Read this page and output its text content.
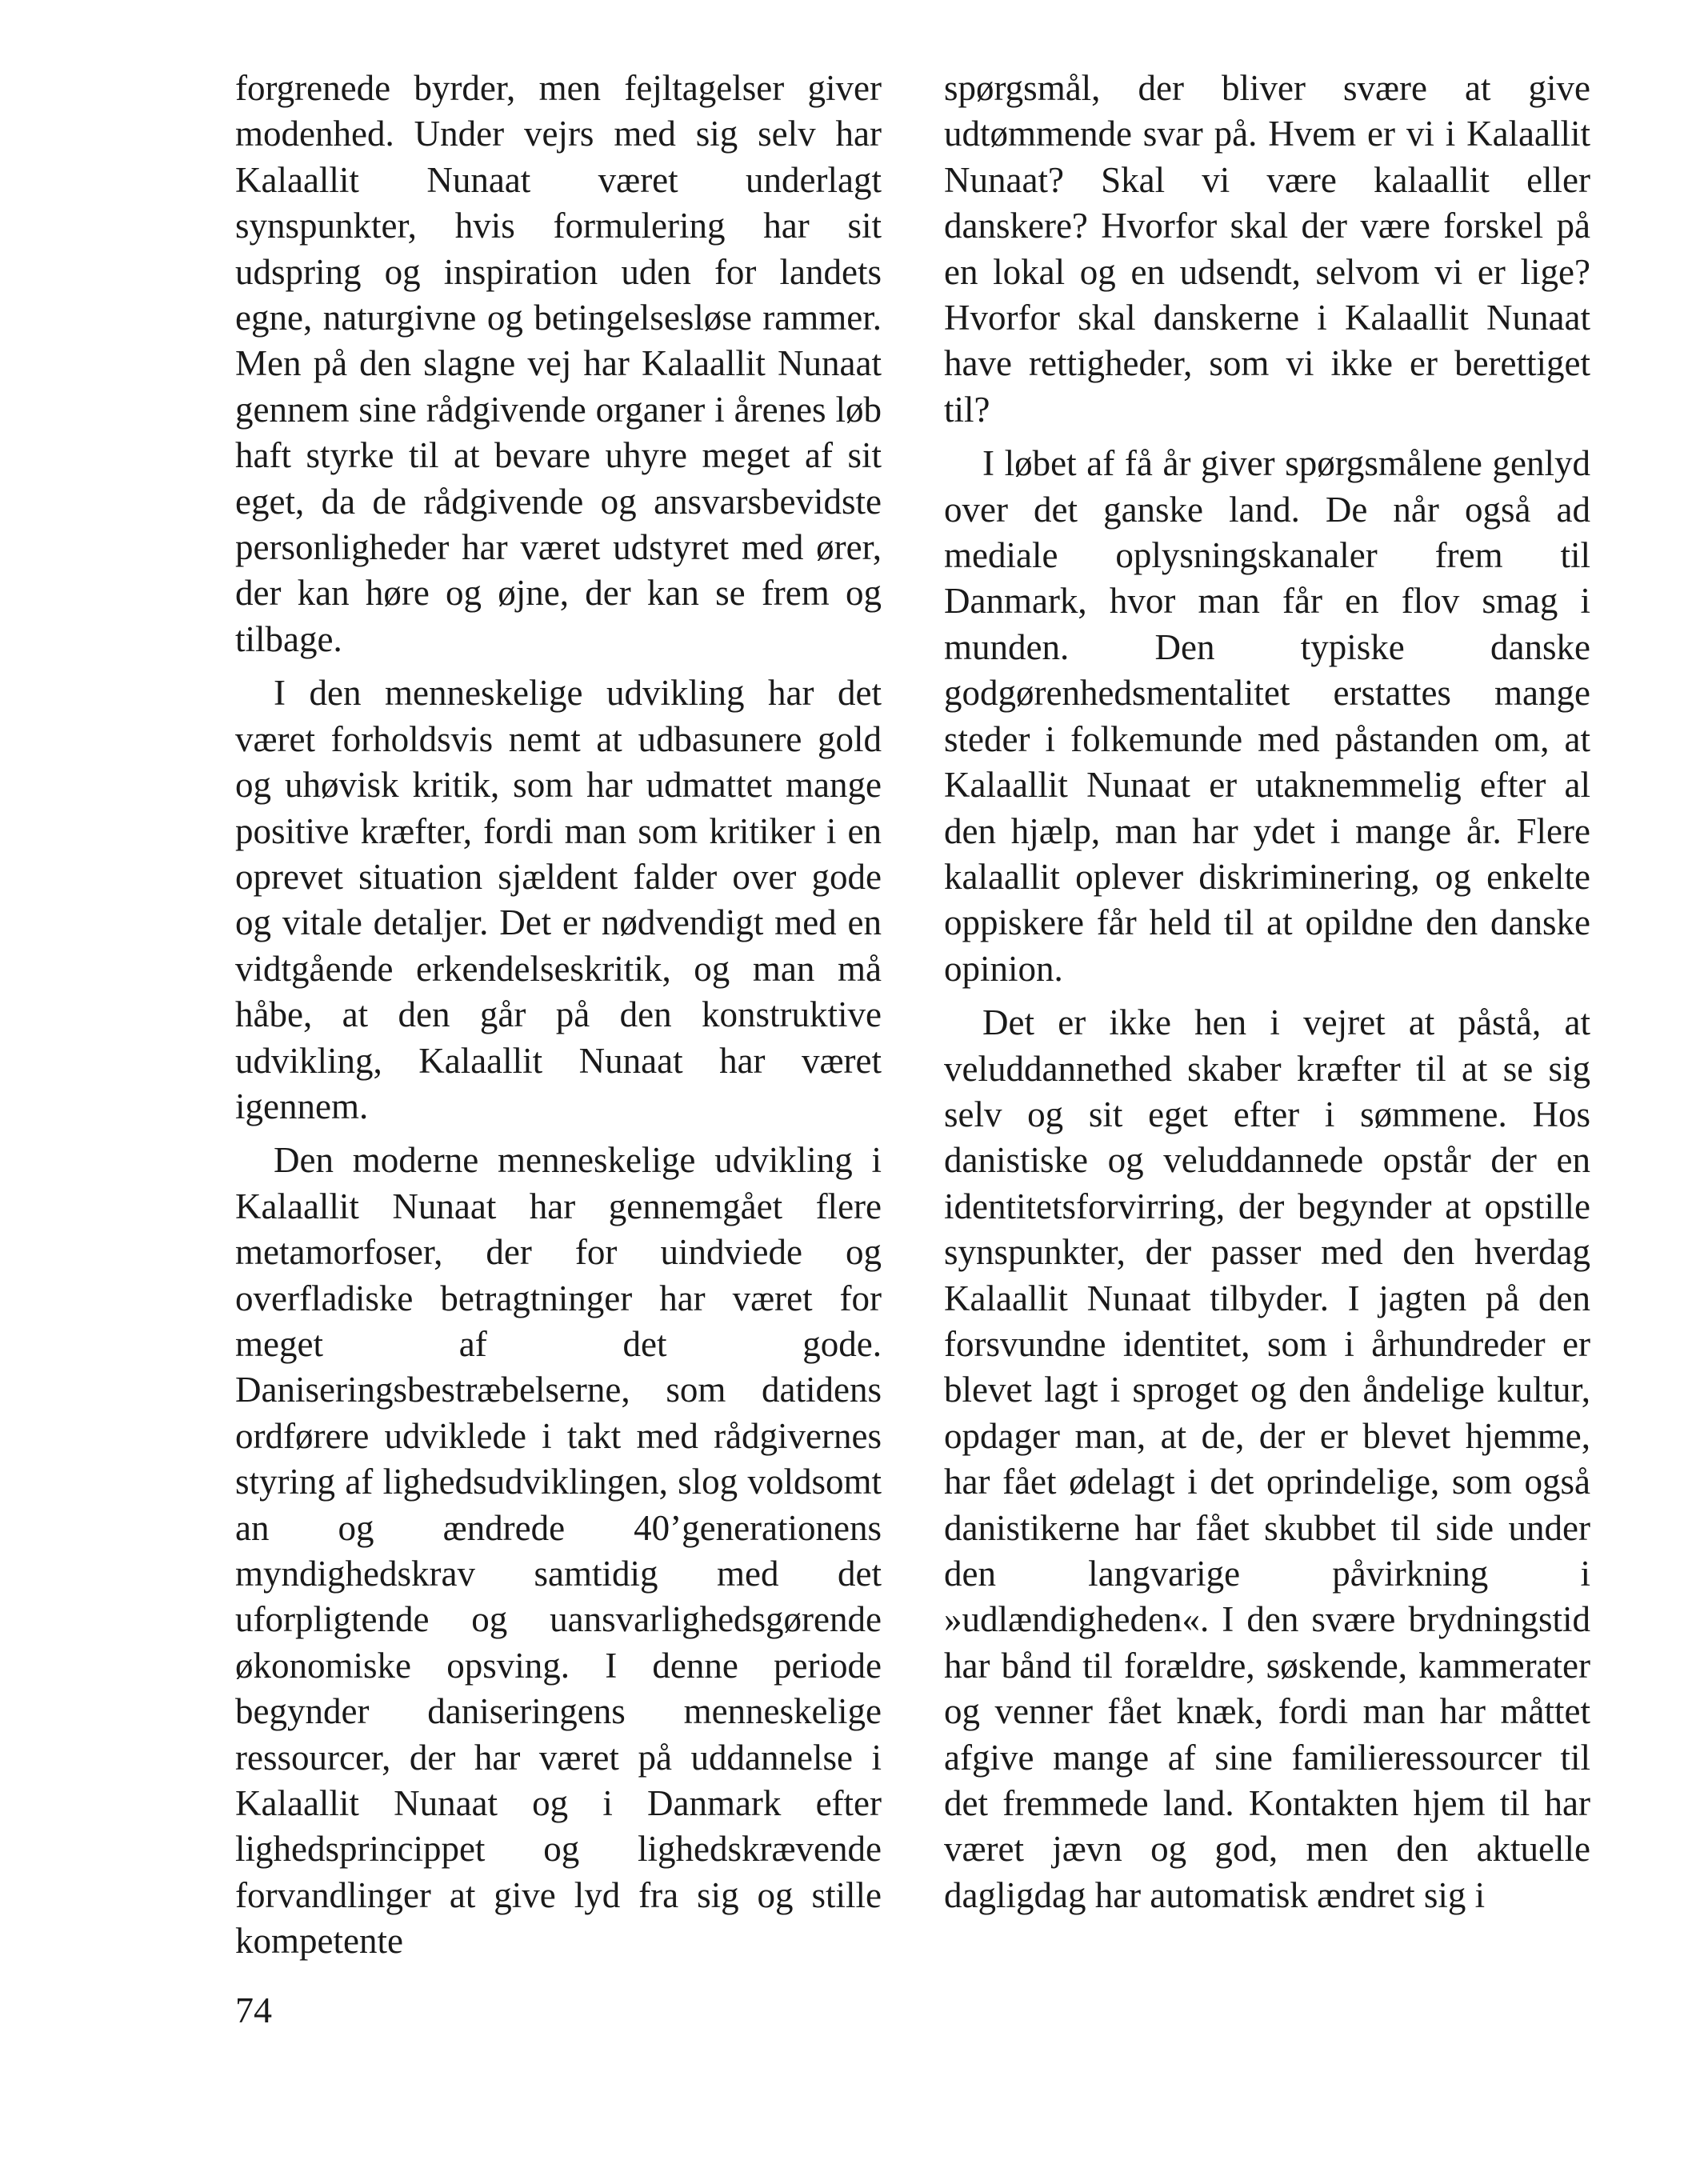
forgrenede byrder, men fejltagelser giver modenhed. Under vejrs med sig selv har Kalaallit Nunaat været underlagt synspunkter, hvis formulering har sit udspring og inspiration uden for landets egne, naturgivne og betingelsesløse rammer. Men på den slagne vej har Kalaallit Nunaat gennem sine rådgivende organer i årenes løb haft styrke til at bevare uhyre meget af sit eget, da de rådgivende og ansvarsbevidste personligheder har været udstyret med ører, der kan høre og øjne, der kan se frem og tilbage.

I den menneskelige udvikling har det været forholdsvis nemt at udbasunere gold og uhøvisk kritik, som har udmattet mange positive kræfter, fordi man som kritiker i en oprevet situation sjældent falder over gode og vitale detaljer. Det er nødvendigt med en vidtgående erkendelseskritik, og man må håbe, at den går på den konstruktive udvikling, Kalaallit Nunaat har været igennem.

Den moderne menneskelige udvikling i Kalaallit Nunaat har gennemgået flere metamorfoser, der for uindviede og overfladiske betragtninger har været for meget af det gode. Daniseringsbestræbelserne, som datidens ordførere udviklede i takt med rådgivernes styring af lighedsudviklingen, slog voldsomt an og ændrede 40’generationens myndighedskrav samtidig med det uforpligtende og uansvarlighedsgørende økonomiske opsving. I denne periode begynder daniseringens menneskelige ressourcer, der har været på uddannelse i Kalaallit Nunaat og i Danmark efter lighedsprincippet og lighedskrævende forvandlinger at give lyd fra sig og stille kompetente

spørgsmål, der bliver svære at give udtømmende svar på. Hvem er vi i Kalaallit Nunaat? Skal vi være kalaallit eller danskere? Hvorfor skal der være forskel på en lokal og en udsendt, selvom vi er lige? Hvorfor skal danskerne i Kalaallit Nunaat have rettigheder, som vi ikke er berettiget til?

I løbet af få år giver spørgsmålene genlyd over det ganske land. De når også ad mediale oplysningskanaler frem til Danmark, hvor man får en flov smag i munden. Den typiske danske godgørenhedsmentalitet erstattes mange steder i folkemunde med påstanden om, at Kalaallit Nunaat er utaknemmelig efter al den hjælp, man har ydet i mange år. Flere kalaallit oplever diskriminering, og enkelte oppiskere får held til at opildne den danske opinion.

Det er ikke hen i vejret at påstå, at veluddannethed skaber kræfter til at se sig selv og sit eget efter i sømmene. Hos danistiske og veluddannede opstår der en identitetsforvirring, der begynder at opstille synspunkter, der passer med den hverdag Kalaallit Nunaat tilbyder. I jagten på den forsvundne identitet, som i århundreder er blevet lagt i sproget og den åndelige kultur, opdager man, at de, der er blevet hjemme, har fået ødelagt i det oprindelige, som også danistikerne har fået skubbet til side under den langvarige påvirkning i »udlændigheden«. I den svære brydningstid har bånd til forældre, søskende, kammerater og venner fået knæk, fordi man har måttet afgive mange af sine familieressourcer til det fremmede land. Kontakten hjem til har været jævn og god, men den aktuelle dagligdag har automatisk ændret sig i

74
